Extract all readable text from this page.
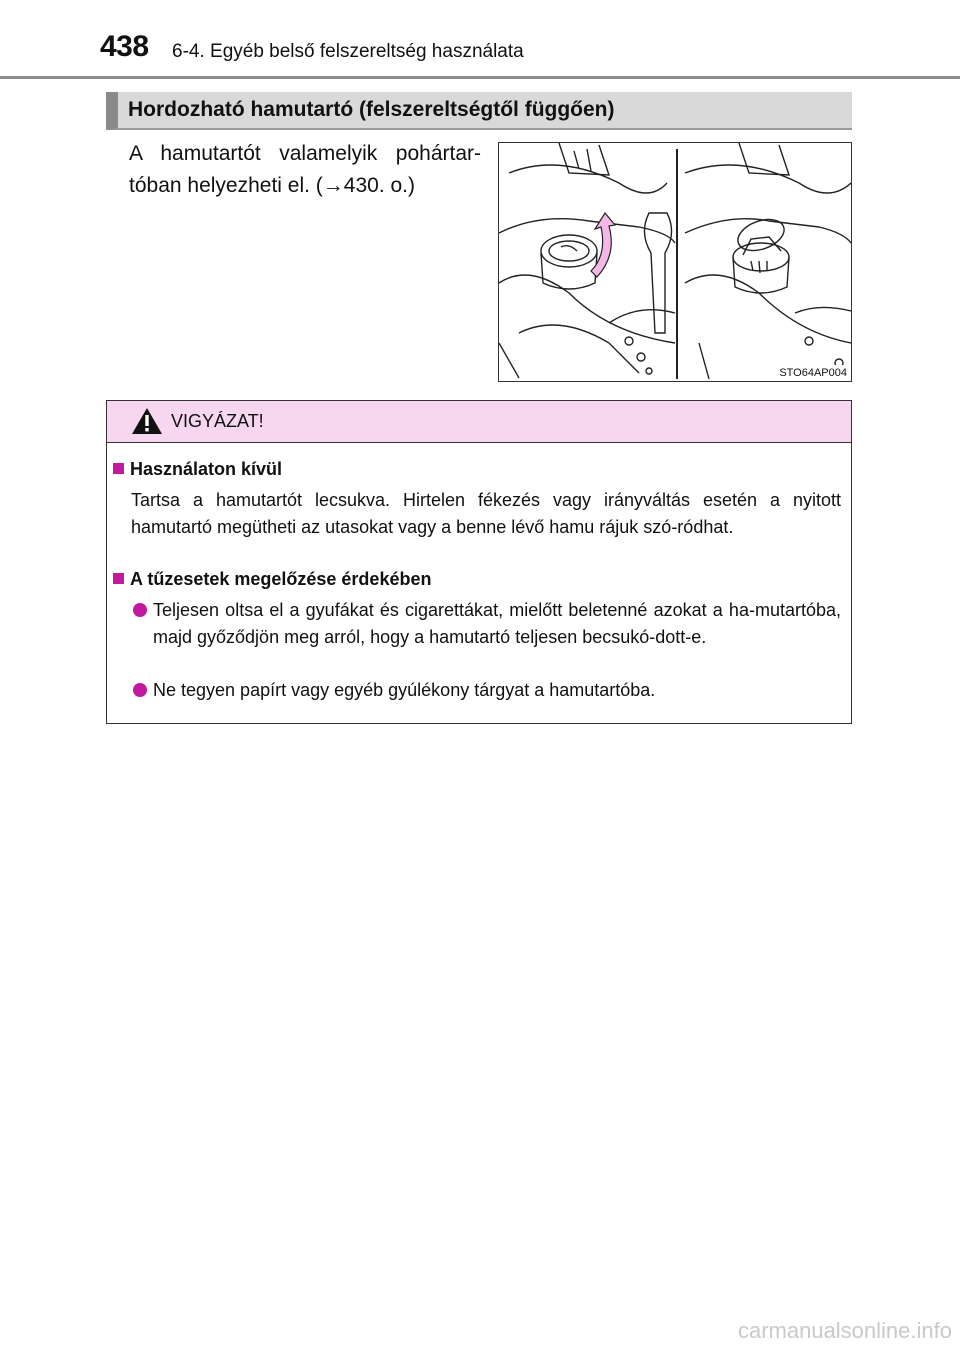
438 6-4. Egyéb belső felszereltség használata
Hordozható hamutartó (felszereltségtől függően)
A hamutartót valamelyik pohártar-tóban helyezheti el. (→430. o.)
STO64AP004
VIGYÁZAT!
Használaton kívül
Tartsa a hamutartót lecsukva. Hirtelen fékezés vagy irányváltás esetén a nyitott hamutartó megütheti az utasokat vagy a benne lévő hamu rájuk szó-ródhat.
A tűzesetek megelőzése érdekében
Teljesen oltsa el a gyufákat és cigarettákat, mielőtt beletenné azokat a ha-mutartóba, majd győződjön meg arról, hogy a hamutartó teljesen becsukó-dott-e.
Ne tegyen papírt vagy egyéb gyúlékony tárgyat a hamutartóba.
carmanualsonline.info
